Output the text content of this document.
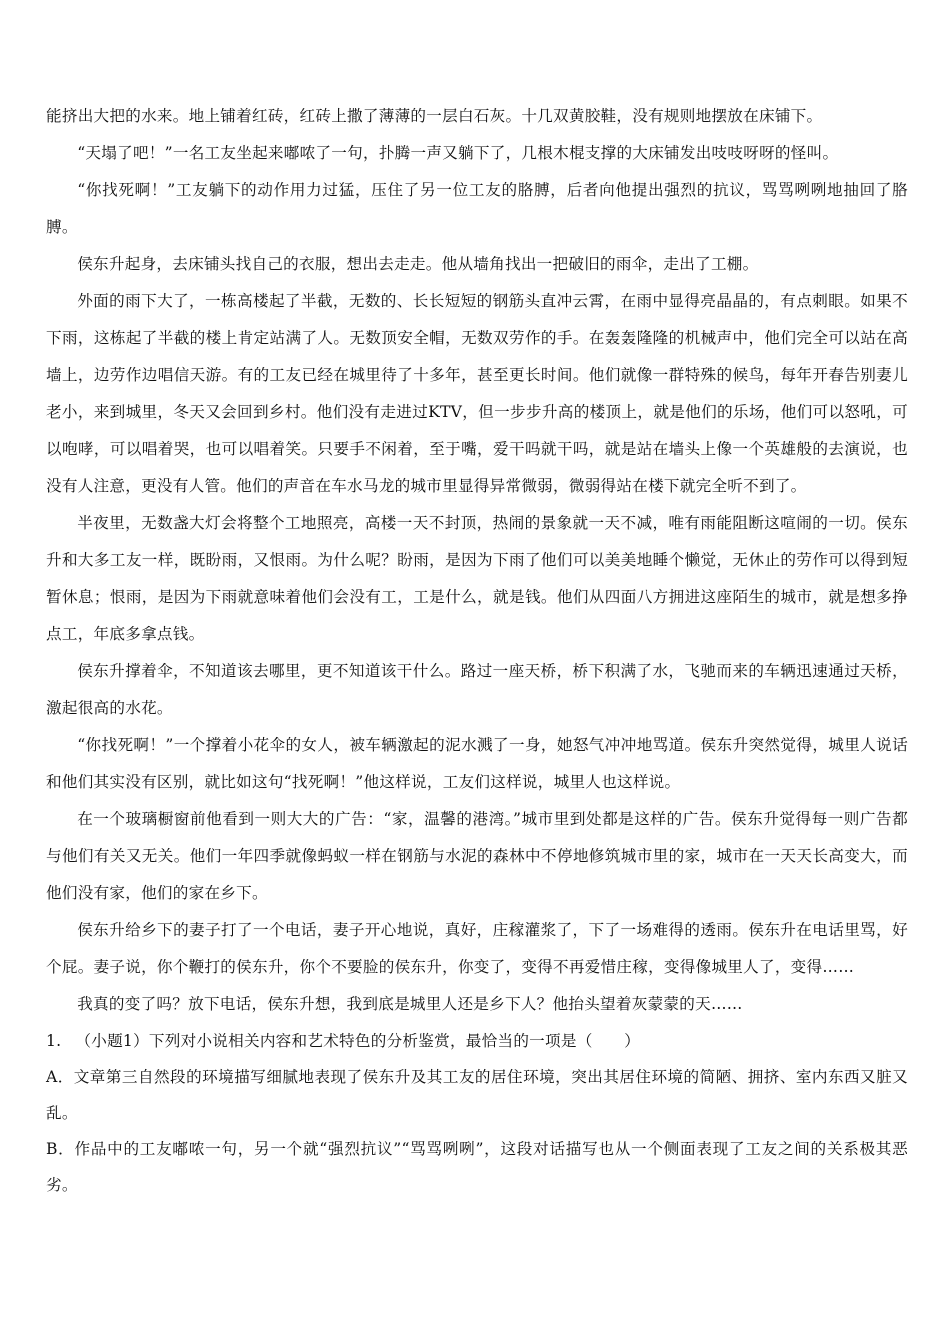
能挤出大把的水来。地上铺着红砖，红砖上撒了薄薄的一层白石灰。十几双黄胶鞋，没有规则地摆放在床铺下。

“天塌了吧！”一名工友坐起来嘟哝了一句，扑腾一声又躺下了，几根木棍支撑的大床铺发出吱吱呀呀的怪叫。

“你找死啊！”工友躺下的动作用力过猛，压住了另一位工友的胳膊，后者向他提出强烈的抗议，骂骂咧咧地抽回了胳膊。

侯东升起身，去床铺头找自己的衣服，想出去走走。他从墙角找出一把破旧的雨伞，走出了工棚。

外面的雨下大了，一栋高楼起了半截，无数的、长长短短的钢筋头直冲云霄，在雨中显得亮晶晶的，有点刺眼。如果不下雨，这栋起了半截的楼上肯定站满了人。无数顶安全帽，无数双劳作的手。在轰轰隆隆的机械声中，他们完全可以站在高墙上，边劳作边唱信天游。有的工友已经在城里待了十多年，甚至更长时间。他们就像一群特殊的候鸟，每年开春告别妻儿老小，来到城里，冬天又会回到乡村。他们没有走进过KTV，但一步步升高的楼顶上，就是他们的乐场，他们可以怒吼，可以咆哮，可以唱着哭，也可以唱着笑。只要手不闲着，至于嘴，爱干吗就干吗，就是站在墙头上像一个英雄般的去演说，也没有人注意，更没有人管。他们的声音在车水马龙的城市里显得异常微弱，微弱得站在楼下就完全听不到了。

半夜里，无数盏大灯会将整个工地照亮，高楼一天不封顶，热闹的景象就一天不减，唯有雨能阻断这喧闹的一切。侯东升和大多工友一样，既盼雨，又恨雨。为什么呢？盼雨，是因为下雨了他们可以美美地睡个懒觉，无休止的劳作可以得到短暂休息；恨雨，是因为下雨就意味着他们会没有工，工是什么，就是钱。他们从四面八方拥进这座陌生的城市，就是想多挣点工，年底多拿点钱。

侯东升撑着伞，不知道该去哪里，更不知道该干什么。路过一座天桥，桥下积满了水，飞驰而来的车辆迅速通过天桥，激起很高的水花。

“你找死啊！”一个撑着小花伞的女人，被车辆激起的泥水溅了一身，她怒气冲冲地骂道。侯东升突然觉得，城里人说话和他们其实没有区别，就比如这句“找死啊！”他这样说，工友们这样说，城里人也这样说。

在一个玻璃橱窗前他看到一则大大的广告：“家，温馨的港湾。”城市里到处都是这样的广告。侯东升觉得每一则广告都与他们有关又无关。他们一年四季就像蚂蚁一样在钢筋与水泥的森林中不停地修筑城市里的家，城市在一天天长高变大，而他们没有家，他们的家在乡下。

侯东升给乡下的妻子打了一个电话，妻子开心地说，真好，庄稼灌浆了，下了一场难得的透雨。侯东升在电话里骂，好个屁。妻子说，你个鞭打的侯东升，你个不要脸的侯东升，你变了，变得不再爱惜庄稼，变得像城里人了，变得……

我真的变了吗？放下电话，侯东升想，我到底是城里人还是乡下人？他抬头望着灰蒙蒙的天……

1. （小题1）下列对小说相关内容和艺术特色的分析鉴赏，最恰当的一项是（　　）

A．文章第三自然段的环境描写细腻地表现了侯东升及其工友的居住环境，突出其居住环境的简陋、拥挤、室内东西又脏又乱。

B．作品中的工友嘟哝一句，另一个就“强烈抗议”“骂骂咧咧”，这段对话描写也从一个侧面表现了工友之间的关系极其恶劣。
